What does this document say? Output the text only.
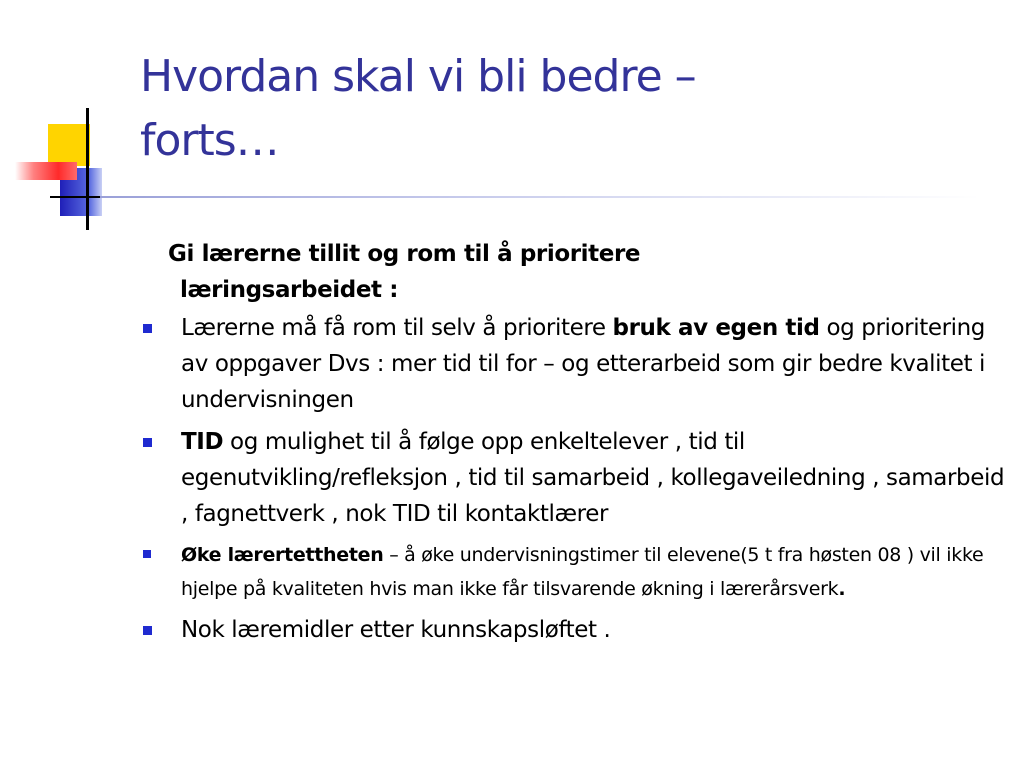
Hvordan skal vi bli bedre –
forts…
Gi lærerne tillit og rom til å prioritere
læringsarbeidet :
Lærerne må få rom til selv å prioritere bruk av egen tid og prioritering av oppgaver Dvs : mer tid til for – og etterarbeid som gir bedre kvalitet i undervisningen
TID og mulighet til å følge opp enkeltelever , tid til egenutvikling/refleksjon , tid til samarbeid , kollegaveiledning , samarbeid , fagnettverk , nok TID til kontaktlærer
Øke lærertettheten – å øke undervisningstimer til elevene(5 t fra høsten 08 ) vil ikke hjelpe på kvaliteten hvis man ikke får tilsvarende økning i lærerårsverk.
Nok læremidler etter kunnskapsløftet .
